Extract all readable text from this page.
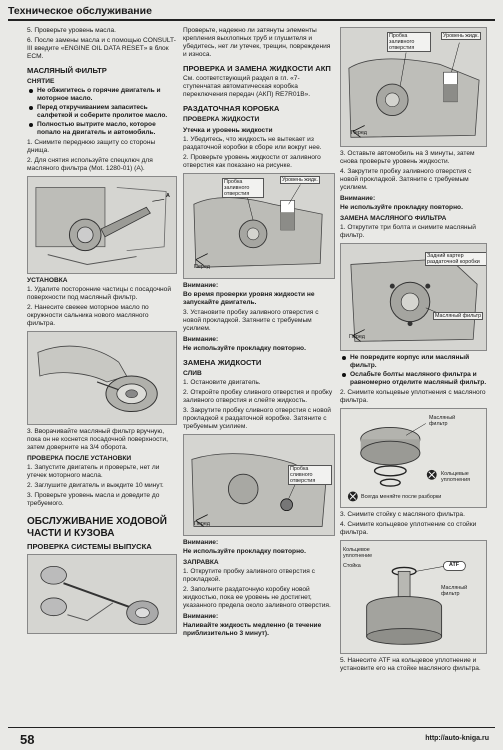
Техническое обслуживание

5. Проверьте уровень масла.

6. После замены масла и с помощью CONSULT-III введите «ENGINE OIL DATA RESET» в блок ECM.

МАСЛЯНЫЙ ФИЛЬТР
СНЯТИЕ
Не обжигитесь о горячие двигатель и моторное масло.
Перед откручиванием запаситесь салфеткой и соберите пролитое масло.
Полностью вытрите масло, которое попало на двигатель и автомобиль.

1. Снимите переднюю защиту со стороны днища.

2. Для снятия используйте спецключ для масляного фильтра (Mot. 1280-01) (A).

A
УСТАНОВКА

1. Удалите посторонние частицы с посадочной поверхности под масляный фильтр.

2. Нанесите свежее моторное масло по окружности сальника нового масляного фильтра.

3. Вворачивайте масляный фильтр вручную, пока он не коснется посадочной поверхности, затем доверните на 3/4 оборота.

ПРОВЕРКА ПОСЛЕ УСТАНОВКИ

1. Запустите двигатель и проверьте, нет ли утечек моторного масла.

2. Заглушите двигатель и выждите 10 минут.

3. Проверьте уровень масла и доведите до требуемого.

ОБСЛУЖИВАНИЕ ХОДОВОЙ ЧАСТИ И КУЗОВА
ПРОВЕРКА СИСТЕМЫ ВЫПУСКА

Проверьте, надежно ли затянуты элементы крепления выхлопных труб и глушителя и убедитесь, нет ли утечек, трещин, повреждения и износа.

ПРОВЕРКА И ЗАМЕНА ЖИДКОСТИ АКП

См. соответствующий раздел в гл. «7-ступенчатая автоматическая коробка переключения передач (АКП) RE7R01B».

РАЗДАТОЧНАЯ КОРОБКА
ПРОВЕРКА ЖИДКОСТИ
Утечка и уровень жидкости

1. Убедитесь, что жидкость не вытекает из раздаточной коробки в сборе или вокруг нее.

2. Проверьте уровень жидкости от заливного отверстия как показано на рисунке.

Пробка заливного отверстия
Уровень жидк.
Перед
Внимание:

Во время проверки уровня жидкости не запускайте двигатель.

3. Установите пробку заливного отверстия с новой прокладкой. Затяните с требуемым усилием.

Внимание:

Не используйте прокладку повторно.

ЗАМЕНА ЖИДКОСТИ
СЛИВ

1. Остановите двигатель.

2. Откройте пробку сливного отверстия и пробку заливного отверстия и слейте жидкость.

3. Закрутите пробку сливного отверстия с новой прокладкой к раздаточной коробке. Затяните с требуемым усилием.

Пробка сливного отверстия
Перед
Внимание:

Не используйте прокладку повторно.

ЗАПРАВКА

1. Открутите пробку заливного отверстия с прокладкой.

2. Заполните раздаточную коробку новой жидкостью, пока ее уровень не достигнет, указанного предела около заливного отверстия.

Внимание:

Наливайте жидкость медленно (в течение приблизительно 3 минут).

Пробка заливного отверстия
Уровень жидк.
Перед

3. Оставьте автомобиль на 3 минуты, затем снова проверьте уровень жидкости.

4. Закрутите пробку заливного отверстия с новой прокладкой. Затяните с требуемым усилием.

Внимание:

Не используйте прокладку повторно.

ЗАМЕНА МАСЛЯНОГО ФИЛЬТРА

1. Открутите три болта и снимите масляный фильтр.

Задний картер раздаточной коробки
Масляный фильтр
Перед
Не повредите корпус или масляный фильтр.
Ослабьте болты масляного фильтра и равномерно отделите масляный фильтр.

2. Снимите кольцевые уплотнения с масляного фильтра.

Масляный фильтр
Кольцевые уплотнения
Всегда меняйте после разборки

3. Снимите стойку с масляного фильтра.

4. Снимите кольцевое уплотнение со стойки фильтра.

Кольцевое уплотнение
Стойка	ATF
Масляный фильтр

5. Нанесите ATF на кольцевое уплотнение и установите его на стойке масляного фильтра.

58	http://auto-kniga.ru
